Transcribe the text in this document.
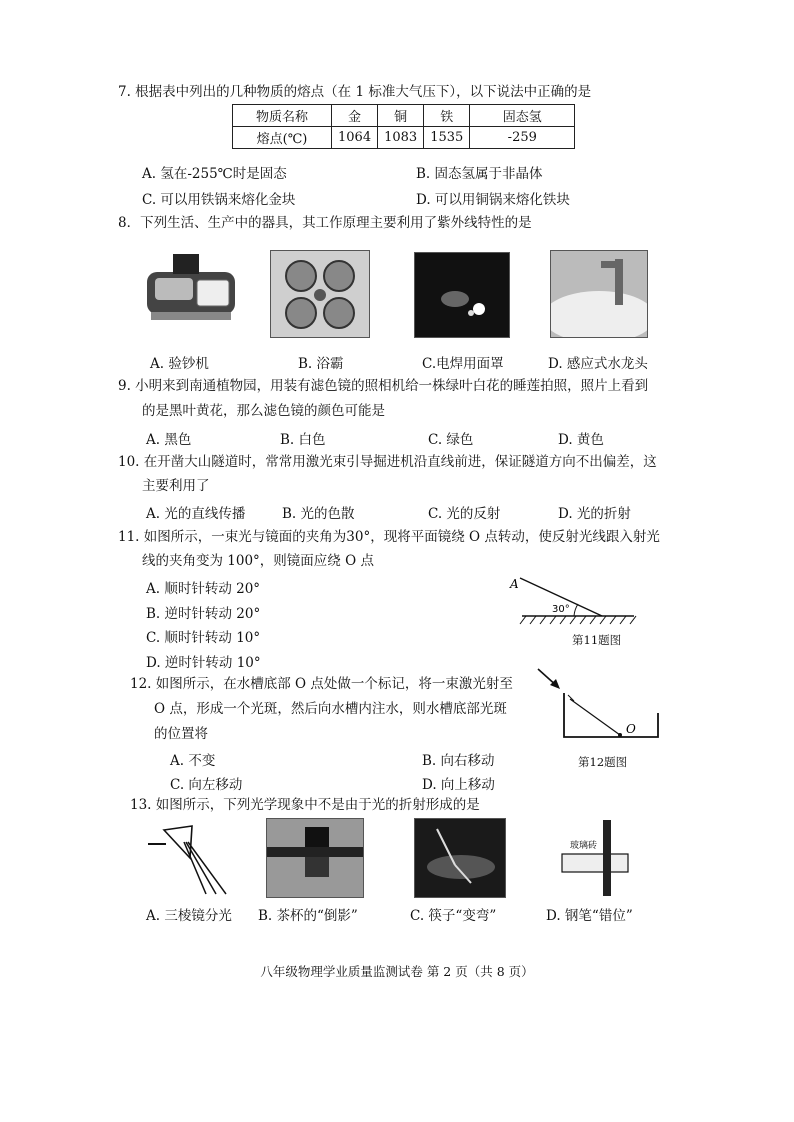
7. 根据表中列出的几种物质的熔点（在 1 标准大气压下），以下说法中正确的是
物质名称	金	铜	铁	固态氢
熔点(℃)	1064	1083	1535	-259
A. 氢在-255℃时是固态	B. 固态氢属于非晶体
C. 可以用铁锅来熔化金块	D. 可以用铜锅来熔化铁块
8．下列生活、生产中的器具，其工作原理主要利用了紫外线特性的是
A. 验钞机	B. 浴霸	C.电焊用面罩	D. 感应式水龙头
9. 小明来到南通植物园，用装有滤色镜的照相机给一株绿叶白花的睡莲拍照，照片上看到
的是黑叶黄花，那么滤色镜的颜色可能是
A. 黑色	B. 白色	C. 绿色	D. 黄色
10. 在开凿大山隧道时，常常用激光束引导掘进机沿直线前进，保证隧道方向不出偏差，这
主要利用了
A. 光的直线传播	B. 光的色散	C. 光的反射	D. 光的折射
11. 如图所示，一束光与镜面的夹角为30°，现将平面镜绕 O 点转动，使反射光线跟入射光
线的夹角变为 100°，则镜面应绕 O 点
A. 顺时针转动 20°
B. 逆时针转动 20°
C. 顺时针转动 10°
D. 逆时针转动 10°
A
30°
第11题图
12. 如图所示，在水槽底部 O 点处做一个标记，将一束激光射至
O 点，形成一个光斑，然后向水槽内注水，则水槽底部光斑
的位置将
A. 不变	B. 向右移动
C. 向左移动	D. 向上移动
O
第12题图
13. 如图所示，下列光学现象中不是由于光的折射形成的是
玻璃砖
A. 三棱镜分光 B. 茶杯的“倒影”	C. 筷子“变弯”	D. 钢笔“错位”
八年级物理学业质量监测试卷 第 2 页（共 8 页）
